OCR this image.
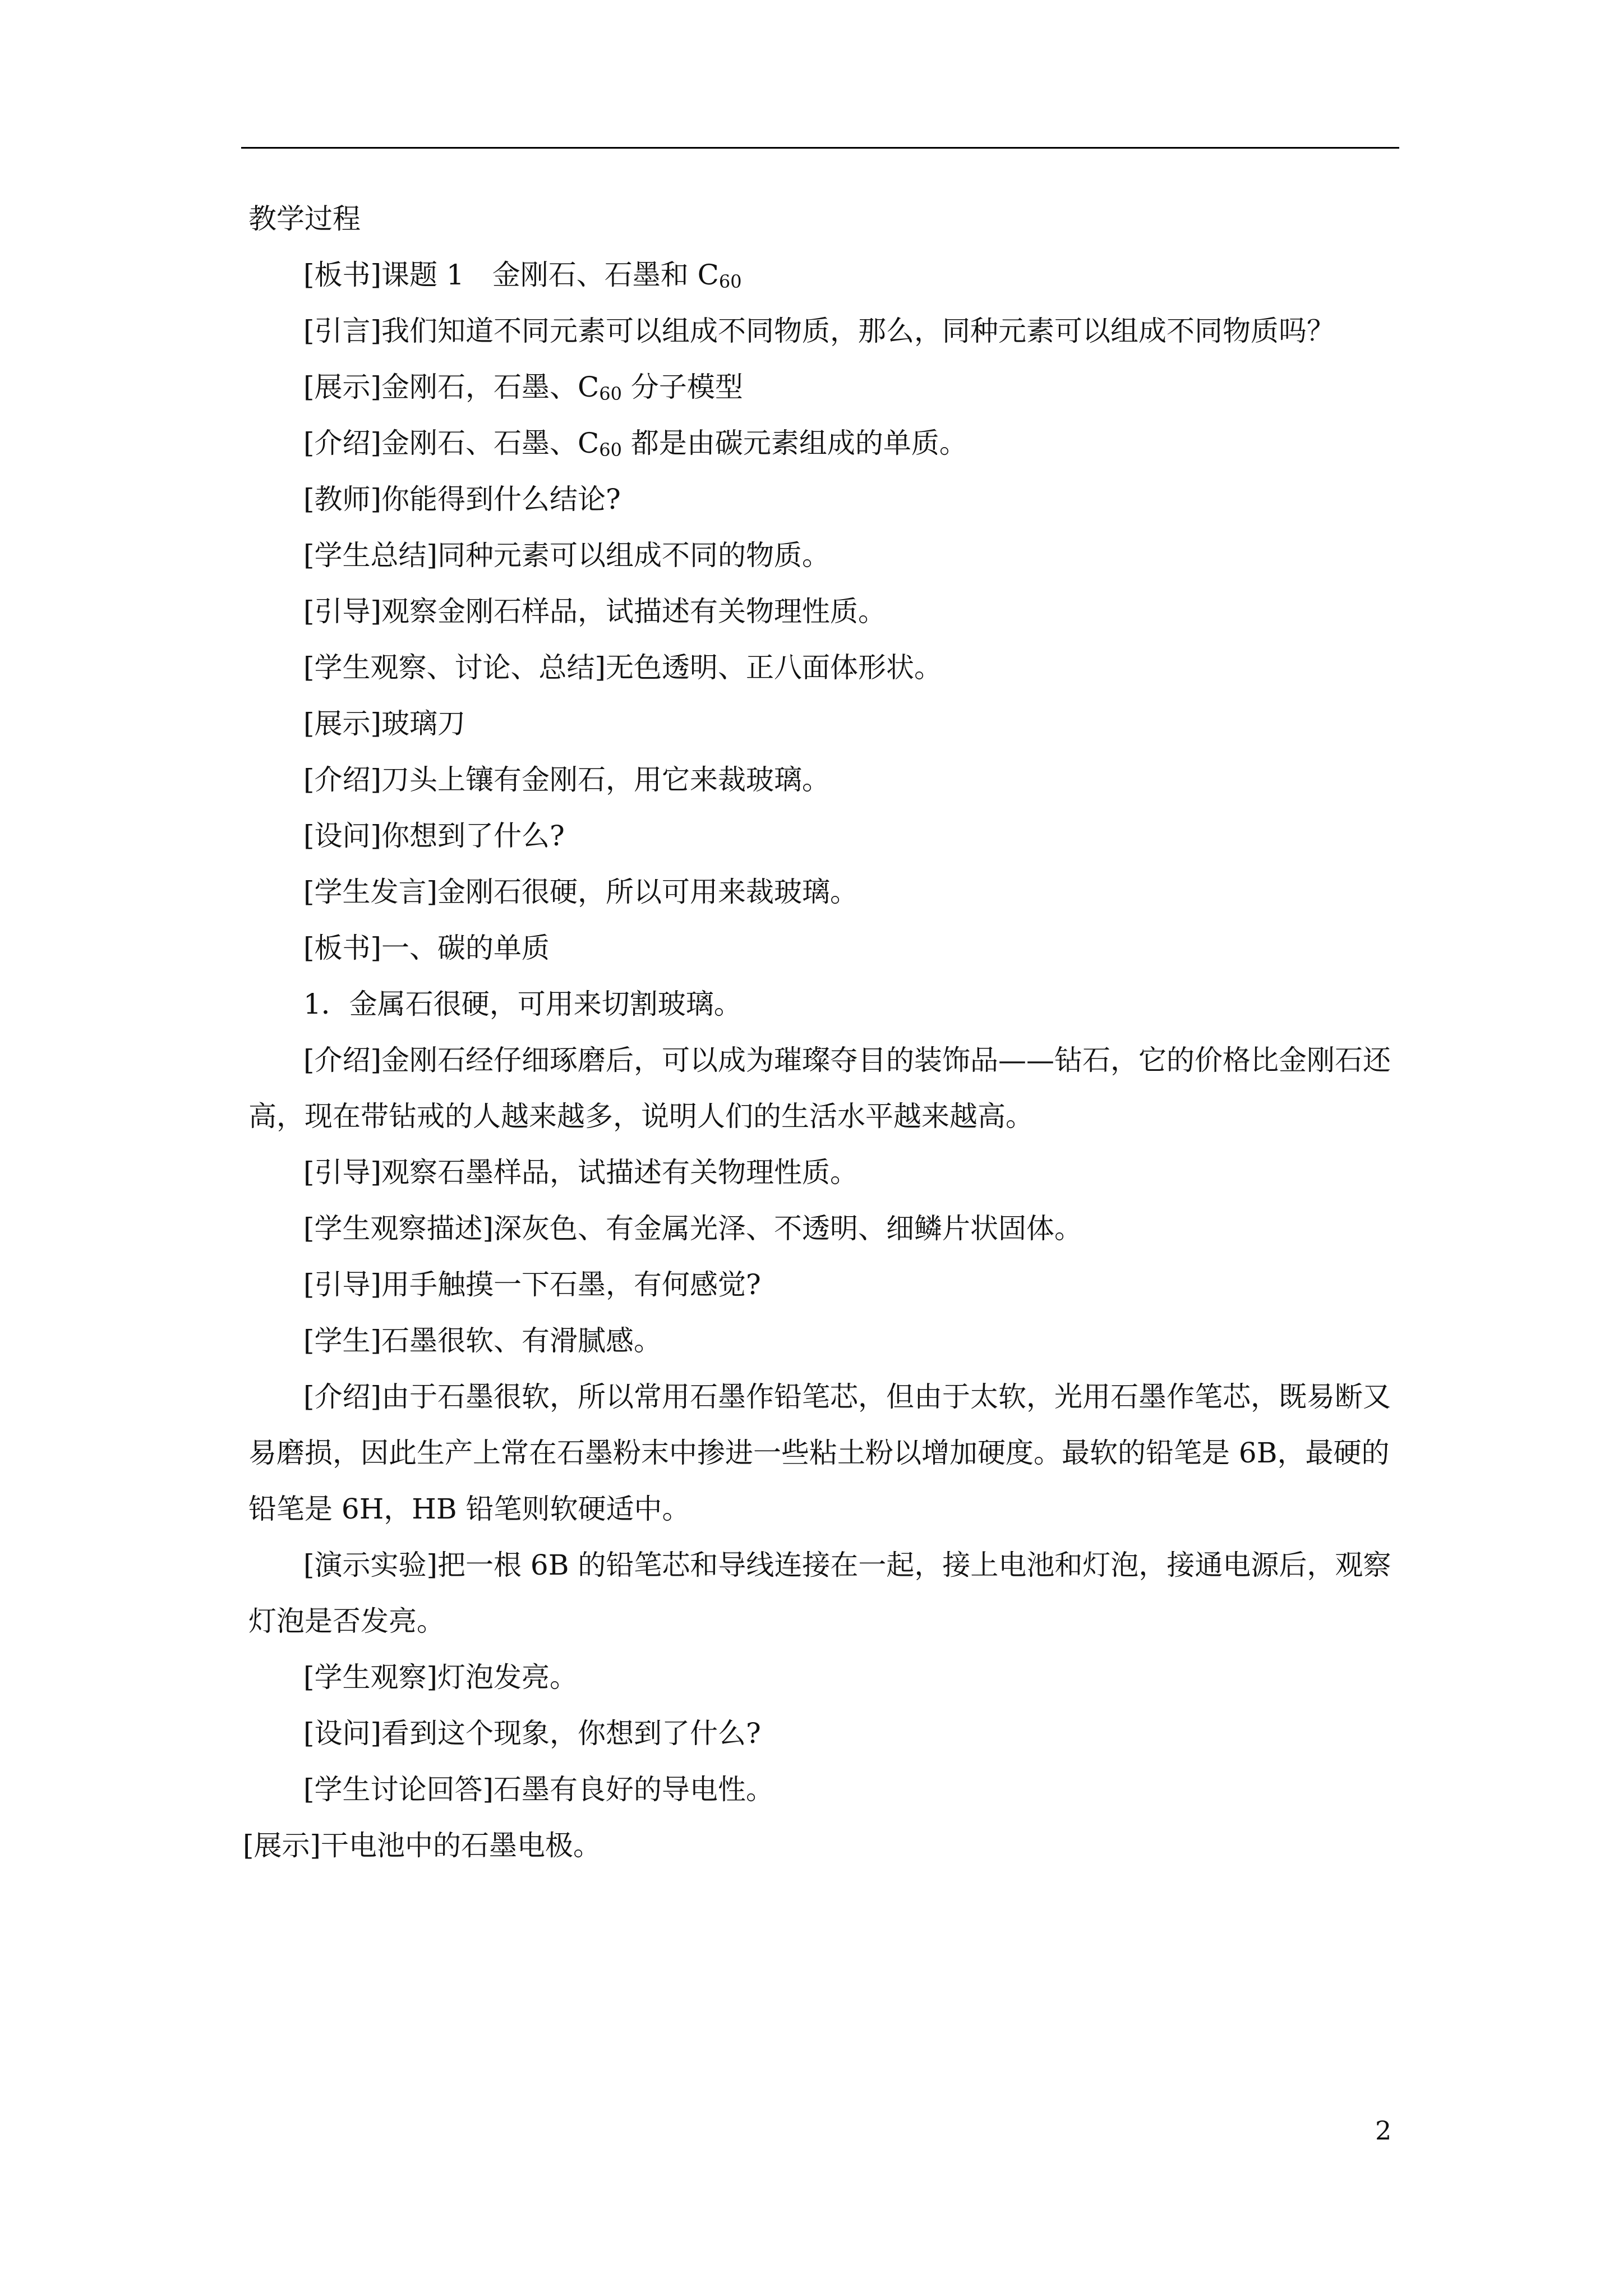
教学过程

[板书]课题 1　金刚石、石墨和 $C_{60}$

[引言]我们知道不同元素可以组成不同物质，那么，同种元素可以组成不同物质吗？

[展示]金刚石，石墨、$C_{60}$ 分子模型

[介绍]金刚石、石墨、$C_{60}$ 都是由碳元素组成的单质。

[教师]你能得到什么结论?

[学生总结]同种元素可以组成不同的物质。

[引导]观察金刚石样品，试描述有关物理性质。

[学生观察、讨论、总结]无色透明、正八面体形状。

[展示]玻璃刀

[介绍]刀头上镶有金刚石，用它来裁玻璃。

[设问]你想到了什么?

[学生发言]金刚石很硬，所以可用来裁玻璃。

[板书]一、碳的单质

1．金属石很硬，可用来切割玻璃。

[介绍]金刚石经仔细琢磨后，可以成为璀璨夺目的装饰品——钻石，它的价格比金刚石还高，现在带钻戒的人越来越多，说明人们的生活水平越来越高。

[引导]观察石墨样品，试描述有关物理性质。

[学生观察描述]深灰色、有金属光泽、不透明、细鳞片状固体。

[引导]用手触摸一下石墨，有何感觉?

[学生]石墨很软、有滑腻感。

[介绍]由于石墨很软，所以常用石墨作铅笔芯，但由于太软，光用石墨作笔芯，既易断又易磨损，因此生产上常在石墨粉末中掺进一些粘土粉以增加硬度。最软的铅笔是 6B，最硬的铅笔是 6H，HB 铅笔则软硬适中。

[演示实验]把一根 6B 的铅笔芯和导线连接在一起，接上电池和灯泡，接通电源后，观察灯泡是否发亮。

[学生观察]灯泡发亮。

[设问]看到这个现象，你想到了什么?

[学生讨论回答]石墨有良好的导电性。

[展示]干电池中的石墨电极。

2
